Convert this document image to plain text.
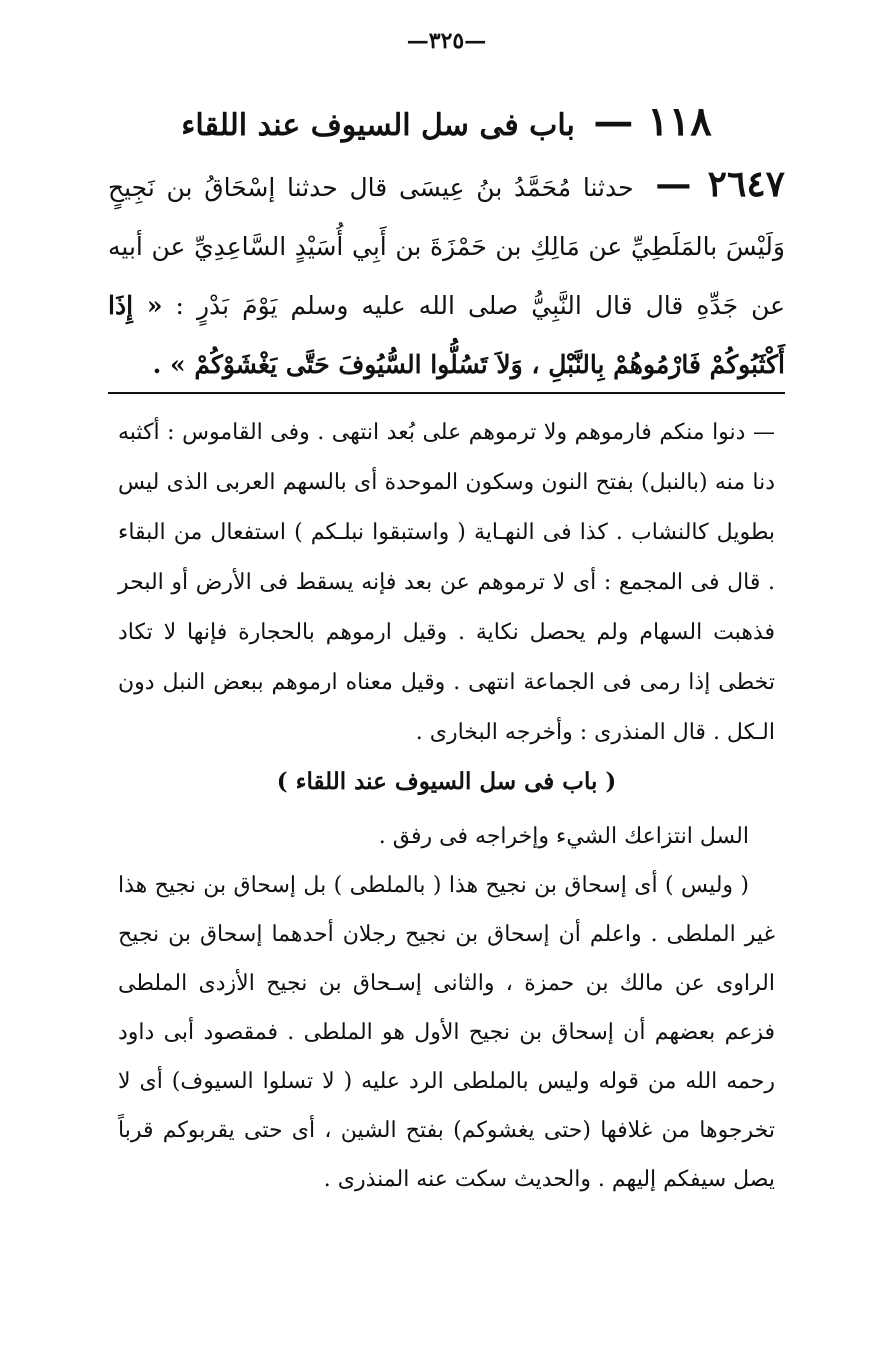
—٣٢٥—
١١٨ — باب فى سل السيوف عند اللقاء
٢٦٤٧ — حدثنا مُحَمَّدُ بنُ عِيسَى قال حدثنا إسْحَاقُ بن نَجِيحٍ وَلَيْسَ بالمَلَطِيِّ عن مَالِكِ بن حَمْزَةَ بن أَبِي أُسَيْدٍ السَّاعِدِيِّ عن أبيه عن جَدِّهِ قال قال النَّبِيُّ صلى الله عليه وسلم يَوْمَ بَدْرٍ : « إِذَا أَكْثَبُوكُمْ فَارْمُوهُمْ بِالنَّبْلِ ، وَلاَ تَسُلُّوا السُّيُوفَ حَتَّى يَغْشَوْكُمْ » .
— دنوا منكم فارموهم ولا ترموهم على بُعد انتهى . وفى القاموس : أكثبه دنا منه (بالنبل) بفتح النون وسكون الموحدة أى بالسهم العربى الذى ليس بطويل كالنشاب . كذا فى النهـاية ( واستبقوا نبلـكم ) استفعال من البقاء . قال فى المجمع : أى لا ترموهم عن بعد فإنه يسقط فى الأرض أو البحر فذهبت السهام ولم يحصل نكاية . وقيل ارموهم بالحجارة فإنها لا تكاد تخطى إذا رمى فى الجماعة انتهى . وقيل معناه ارموهم ببعض النبل دون الـكل . قال المنذرى : وأخرجه البخارى .
( باب فى سل السيوف عند اللقاء )

السل انتزاعك الشيء وإخراجه فى رفق .

( وليس ) أى إسحاق بن نجيح هذا ( بالملطى ) بل إسحاق بن نجيح هذا غير الملطى . واعلم أن إسحاق بن نجيح رجلان أحدهما إسحاق بن نجيح الراوى عن مالك بن حمزة ، والثانى إسـحاق بن نجيح الأزدى الملطى فزعم بعضهم أن إسحاق بن نجيح الأول هو الملطى . فمقصود أبى داود رحمه الله من قوله وليس بالملطى الرد عليه ( لا تسلوا السيوف) أى لا تخرجوها من غلافها (حتى يغشوكم) بفتح الشين ، أى حتى يقربوكم قرباً يصل سيفكم إليهم . والحديث سكت عنه المنذرى .
